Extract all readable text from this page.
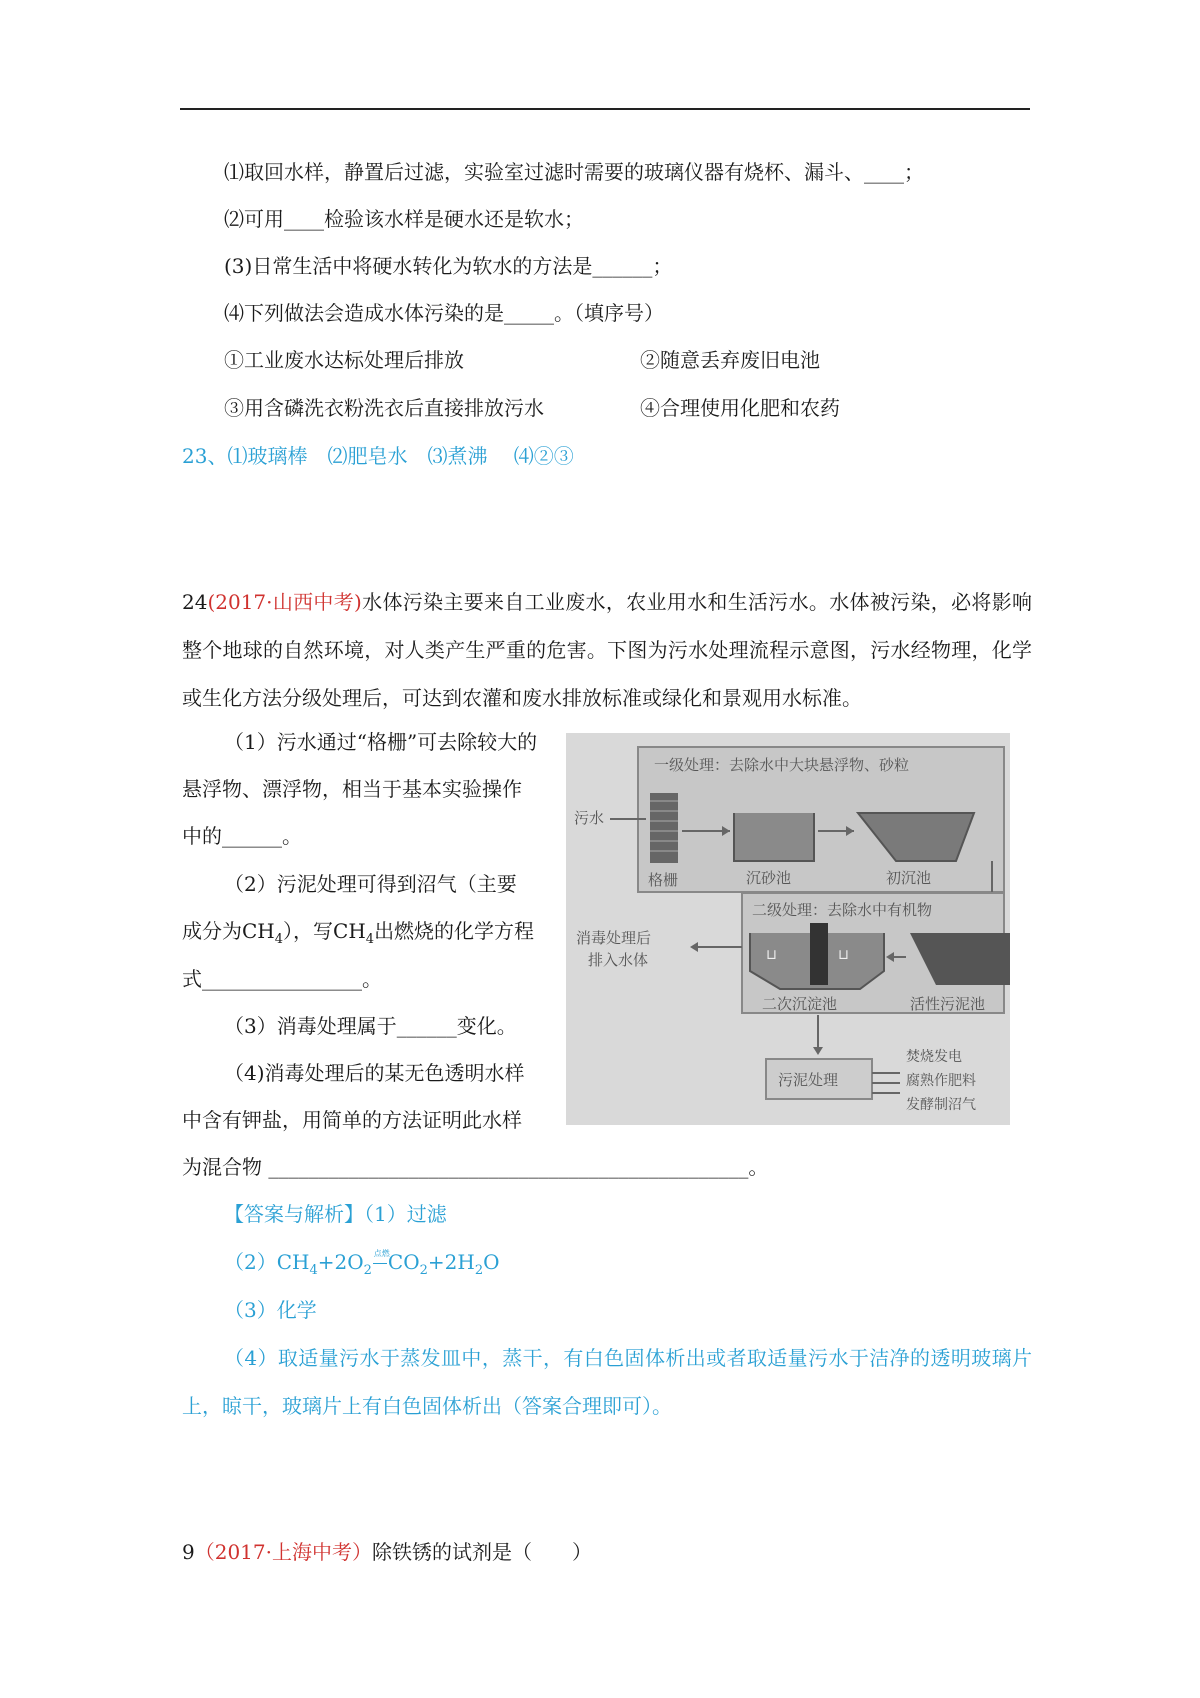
⑴取回水样，静置后过滤，实验室过滤时需要的玻璃仪器有烧杯、漏斗、____；
⑵可用____检验该水样是硬水还是软水；
(3)日常生活中将硬水转化为软水的方法是______；
⑷下列做法会造成水体污染的是_____。（填序号）
①工业废水达标处理后排放	②随意丢弃废旧电池
③用含磷洗衣粉洗衣后直接排放污水	④合理使用化肥和农药
23、⑴玻璃棒　⑵肥皂水　⑶煮沸　 ⑷②③
24(2017·山西中考)水体污染主要来自工业废水，农业用水和生活污水。水体被污染，必将影响整个地球的自然环境，对人类产生严重的危害。下图为污水处理流程示意图，污水经物理，化学或生化方法分级处理后，可达到农灌和废水排放标准或绿化和景观用水标准。
（1）污水通过“格栅”可去除较大的
悬浮物、漂浮物，相当于基本实验操作
中的______。
（2）污泥处理可得到沼气（主要
成分为$CH_4$），写$CH_4$出燃烧的化学方程
式________________。
（3）消毒处理属于______变化。
（4)消毒处理后的某无色透明水样
中含有钾盐，用简单的方法证明此水样
为混合物 ________________________________________________。
一级处理：去除水中大块悬浮物、砂粒
污水
格栅	沉砂池	初沉池
二级处理：去除水中有机物
⊔	⊔
二次沉淀池	活性污泥池
消毒处理后
排入水体
污泥处理
焚烧发电
腐熟作肥料
发酵制沼气
【答案与解析】（1）过滤
$(2)CH_4+2O_2$
点燃
$CO_2+2H_2O$
（3）化学
（4）取适量污水于蒸发皿中，蒸干，有白色固体析出或者取适量污水于洁净的透明玻璃片上，晾干，玻璃片上有白色固体析出（答案合理即可）。
9（2017·上海中考）除铁锈的试剂是（　　）
